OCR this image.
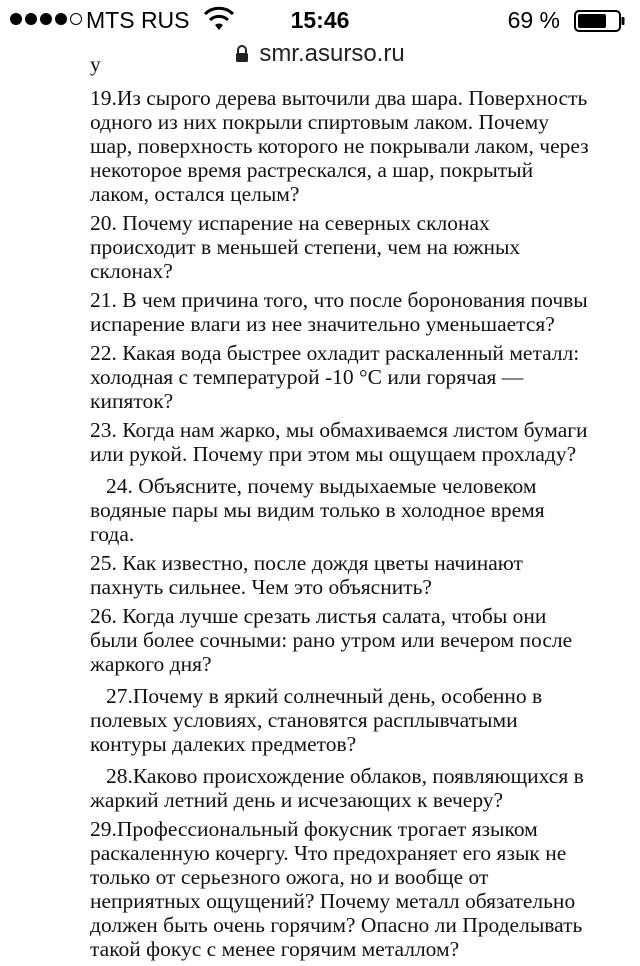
MTS RUS	15:46	69 %
smr.asurso.ru
у
19.Из сырого дерева выточили два шара. Поверхность
одного из них покрыли спиртовым лаком. Почему
шар, поверхность которого не покрывали лаком, через
некоторое время растрескался, а шар, покрытый
лаком, остался целым?
20. Почему испарение на северных склонах
происходит в меньшей степени, чем на южных
склонах?
21. В чем причина того, что после боронования почвы
испарение влаги из нее значительно уменьшается?
22. Какая вода быстрее охладит раскаленный металл:
холодная с температурой -10 °С или горячая —
кипяток?
23. Когда нам жарко, мы обмахиваемся листом бумаги
или рукой. Почему при этом мы ощущаем прохладу?
24. Объясните, почему выдыхаемые человеком
водяные пары мы видим только в холодное время
года.
25. Как известно, после дождя цветы начинают
пахнуть сильнее. Чем это объяснить?
26. Когда лучше срезать листья салата, чтобы они
были более сочными: рано утром или вечером после
жаркого дня?
27.Почему в яркий солнечный день, особенно в
полевых условиях, становятся расплывчатыми
контуры далеких предметов?
28.Каково происхождение облаков, появляющихся в
жаркий летний день и исчезающих к вечеру?
29.Профессиональный фокусник трогает языком
раскаленную кочергу. Что предохраняет его язык не
только от серьезного ожога, но и вообще от
неприятных ощущений? Почему металл обязательно
должен быть очень горячим? Опасно ли Проделывать
такой фокус с менее горячим металлом?
